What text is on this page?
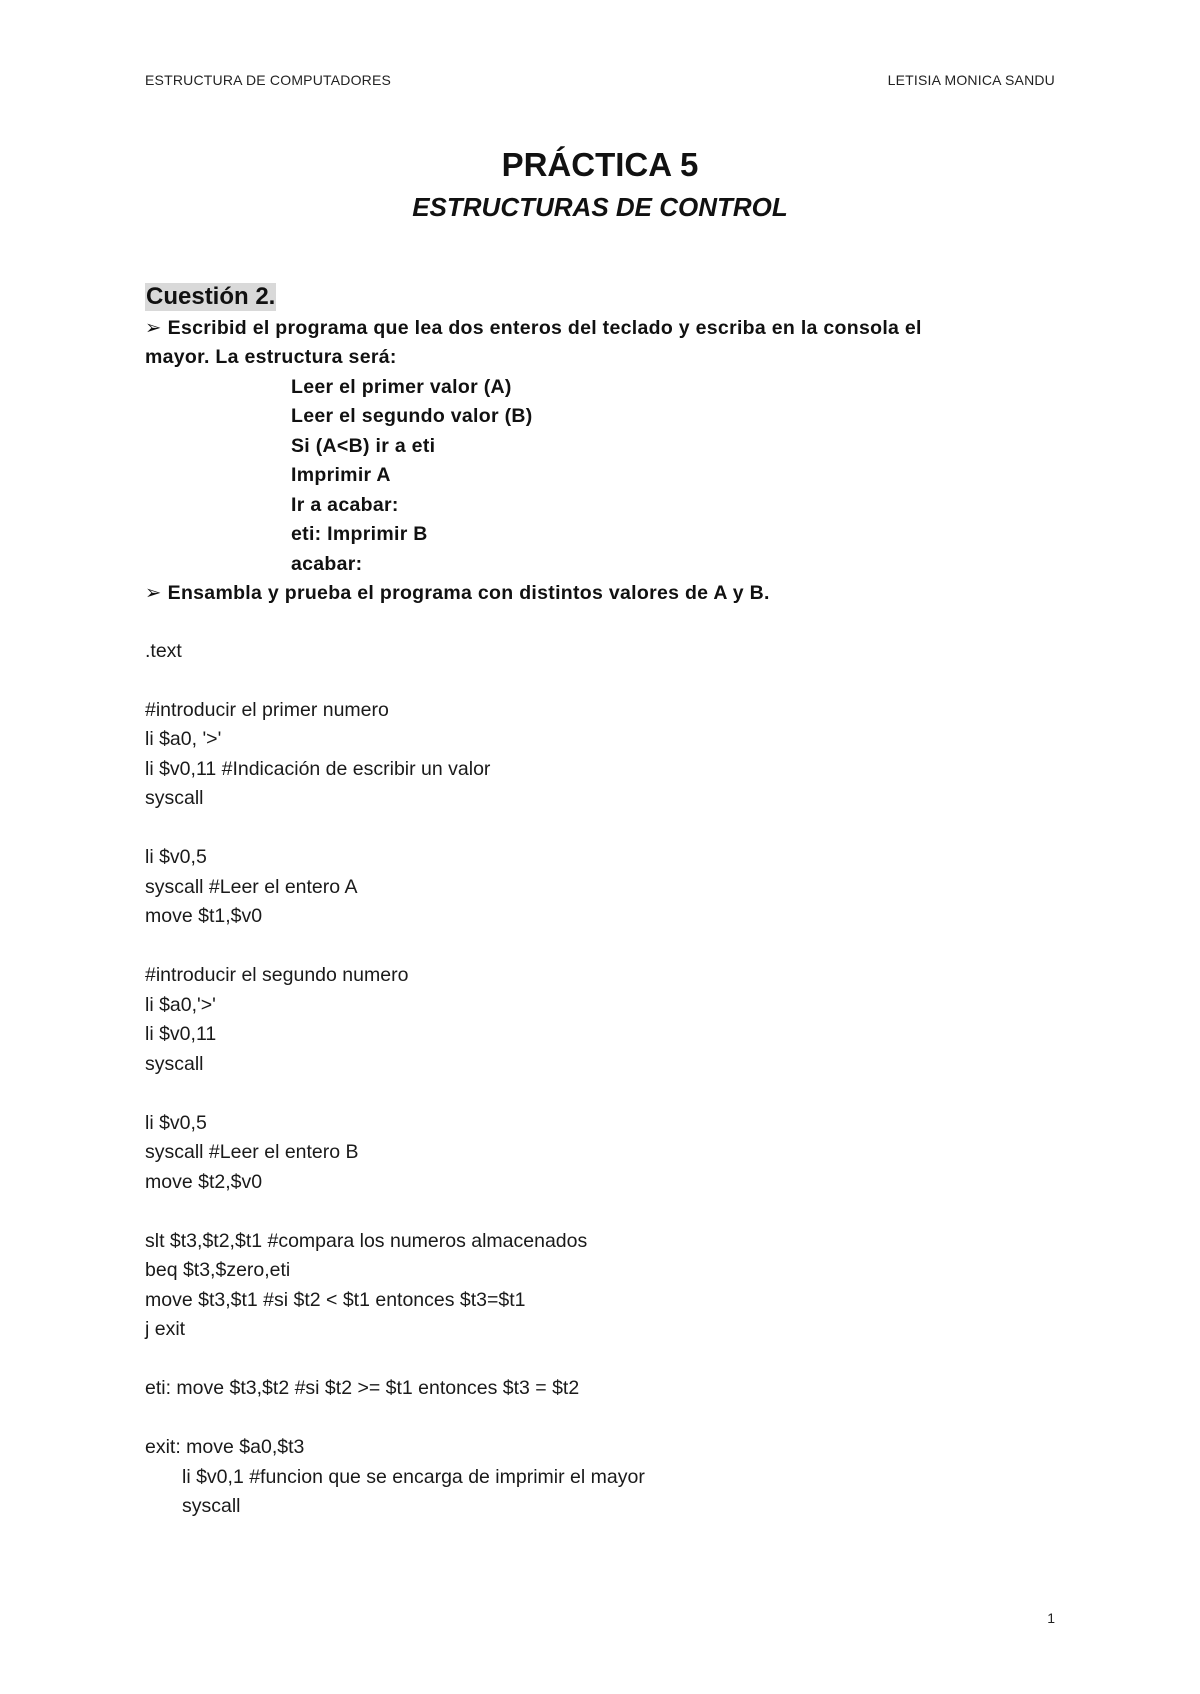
ESTRUCTURA DE COMPUTADORES	LETISIA MONICA SANDU
PRÁCTICA 5
ESTRUCTURAS DE CONTROL
Cuestión 2.
➢ Escribid el programa que lea dos enteros del teclado y escriba en la consola el
mayor. La estructura será:
Leer el primer valor (A)
Leer el segundo valor (B)
Si (A<B) ir a eti
Imprimir A
Ir a acabar:
eti: Imprimir B
acabar:
➢ Ensambla y prueba el programa con distintos valores de A y B.
.text
#introducir el primer numero
li $a0, '>'
li $v0,11 #Indicación de escribir un valor
syscall
li $v0,5
syscall #Leer el entero A
move $t1,$v0
#introducir el segundo numero
li $a0,'>'
li $v0,11
syscall
li $v0,5
syscall #Leer el entero B
move $t2,$v0
slt $t3,$t2,$t1 #compara los numeros almacenados
beq $t3,$zero,eti
move $t3,$t1 #si $t2 < $t1 entonces $t3=$t1
j exit
eti: move $t3,$t2 #si $t2 >= $t1 entonces $t3 = $t2
exit: move $a0,$t3
li $v0,1 #funcion que se encarga de imprimir el mayor
syscall
1
